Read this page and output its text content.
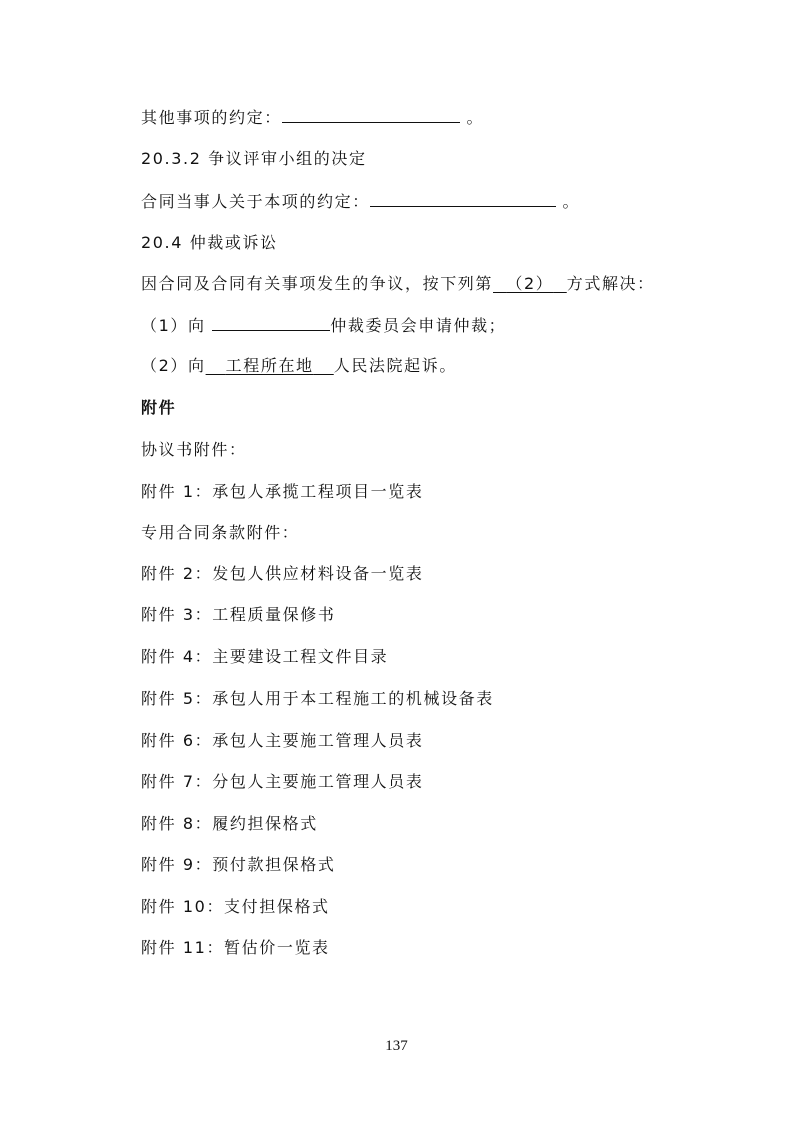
其他事项的约定：	。
20.3.2 争议评审小组的决定
合同当事人关于本项的约定：	。
20.4 仲裁或诉讼
因合同及合同有关事项发生的争议，按下列第 （2） 方式解决：
（1）向	仲裁委员会申请仲裁；
（2）向 工程所在地 人民法院起诉。
附件
协议书附件：
附件 1：承包人承揽工程项目一览表
专用合同条款附件：
附件 2：发包人供应材料设备一览表
附件 3：工程质量保修书
附件 4：主要建设工程文件目录
附件 5：承包人用于本工程施工的机械设备表
附件 6：承包人主要施工管理人员表
附件 7：分包人主要施工管理人员表
附件 8：履约担保格式
附件 9：预付款担保格式
附件 10：支付担保格式
附件 11：暂估价一览表
137
